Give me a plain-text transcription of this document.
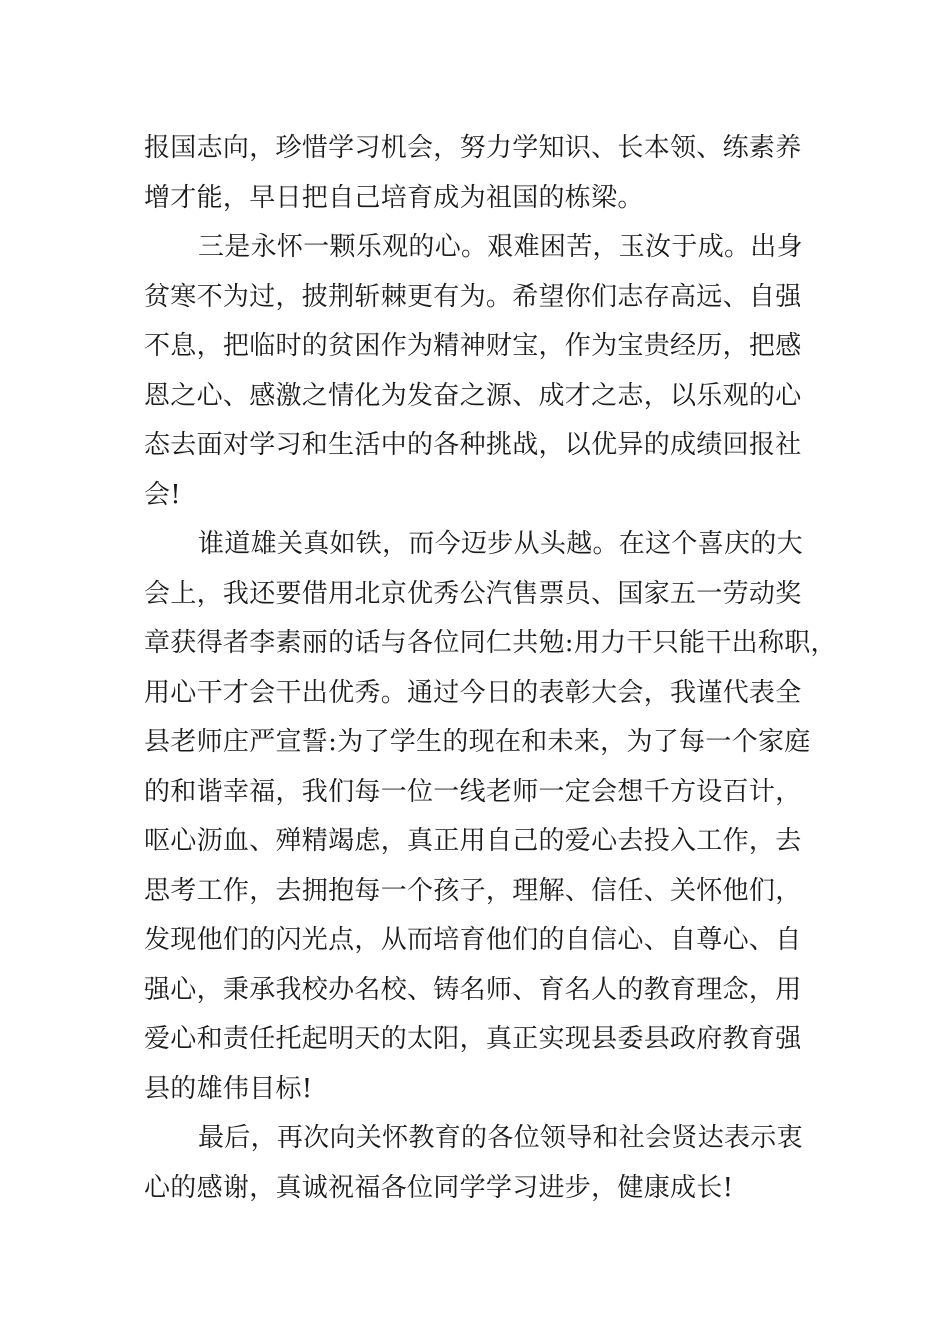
报国志向，珍惜学习机会，努力学知识、长本领、练素养
增才能，早日把自己培育成为祖国的栋梁。
三是永怀一颗乐观的心。艰难困苦，玉汝于成。出身
贫寒不为过，披荆斩棘更有为。希望你们志存高远、自强
不息，把临时的贫困作为精神财宝，作为宝贵经历，把感
恩之心、感激之情化为发奋之源、成才之志，以乐观的心
态去面对学习和生活中的各种挑战，以优异的成绩回报社
会!
谁道雄关真如铁，而今迈步从头越。在这个喜庆的大
会上，我还要借用北京优秀公汽售票员、国家五一劳动奖
章获得者李素丽的话与各位同仁共勉:用力干只能干出称职，
用心干才会干出优秀。通过今日的表彰大会，我谨代表全
县老师庄严宣誓:为了学生的现在和未来，为了每一个家庭
的和谐幸福，我们每一位一线老师一定会想千方设百计，
呕心沥血、殚精竭虑，真正用自己的爱心去投入工作，去
思考工作，去拥抱每一个孩子，理解、信任、关怀他们，
发现他们的闪光点，从而培育他们的自信心、自尊心、自
强心，秉承我校办名校、铸名师、育名人的教育理念，用
爱心和责任托起明天的太阳，真正实现县委县政府教育强
县的雄伟目标!
最后，再次向关怀教育的各位领导和社会贤达表示衷
心的感谢，真诚祝福各位同学学习进步，健康成长!
